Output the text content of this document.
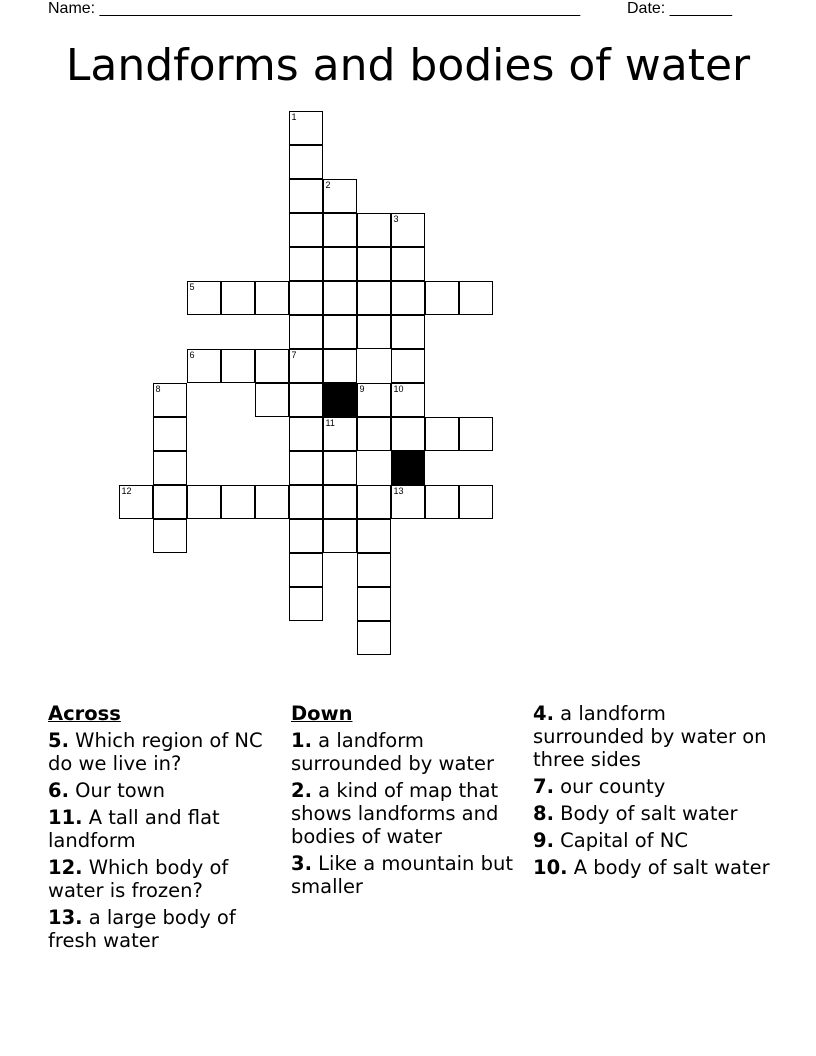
Name: ______________________________________________________	Date: _______
Landforms and bodies of water
1
7
2
11
3
10
13
5
6
8	9
12
Across
5. Which region of NC do we live in?
6. Our town
11. A tall and flat landform
12. Which body of water is frozen?
13. a large body of fresh water
Down
1. a landform surrounded by water
2. a kind of map that shows landforms and bodies of water
3. Like a mountain but smaller
4. a landform surrounded by water on three sides
7. our county
8. Body of salt water
9. Capital of NC
10. A body of salt water
